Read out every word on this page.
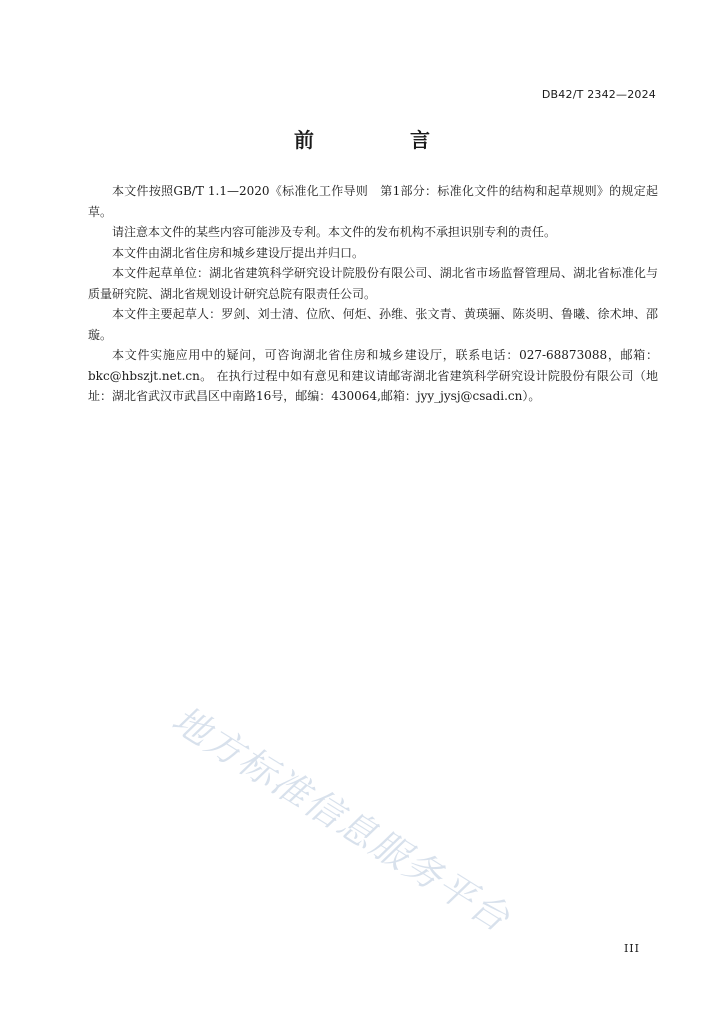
DB42/T 2342—2024
前　言

本文件按照GB/T 1.1—2020《标准化工作导则　第1部分：标准化文件的结构和起草规则》的规定起草。

请注意本文件的某些内容可能涉及专利。本文件的发布机构不承担识别专利的责任。

本文件由湖北省住房和城乡建设厅提出并归口。

本文件起草单位：湖北省建筑科学研究设计院股份有限公司、湖北省市场监督管理局、湖北省标准化与质量研究院、湖北省规划设计研究总院有限责任公司。

本文件主要起草人：罗剑、刘士清、位欣、何炬、孙维、张文青、黄瑛骊、陈炎明、鲁曦、徐术坤、邵璇。

本文件实施应用中的疑问，可咨询湖北省住房和城乡建设厅，联系电话：027-68873088，邮箱：bkc@hbszjt.net.cn。 在执行过程中如有意见和建议请邮寄湖北省建筑科学研究设计院股份有限公司（地址：湖北省武汉市武昌区中南路16号，邮编：430064,邮箱：jyy_jysj@csadi.cn）。

地方标准信息服务平台
III
